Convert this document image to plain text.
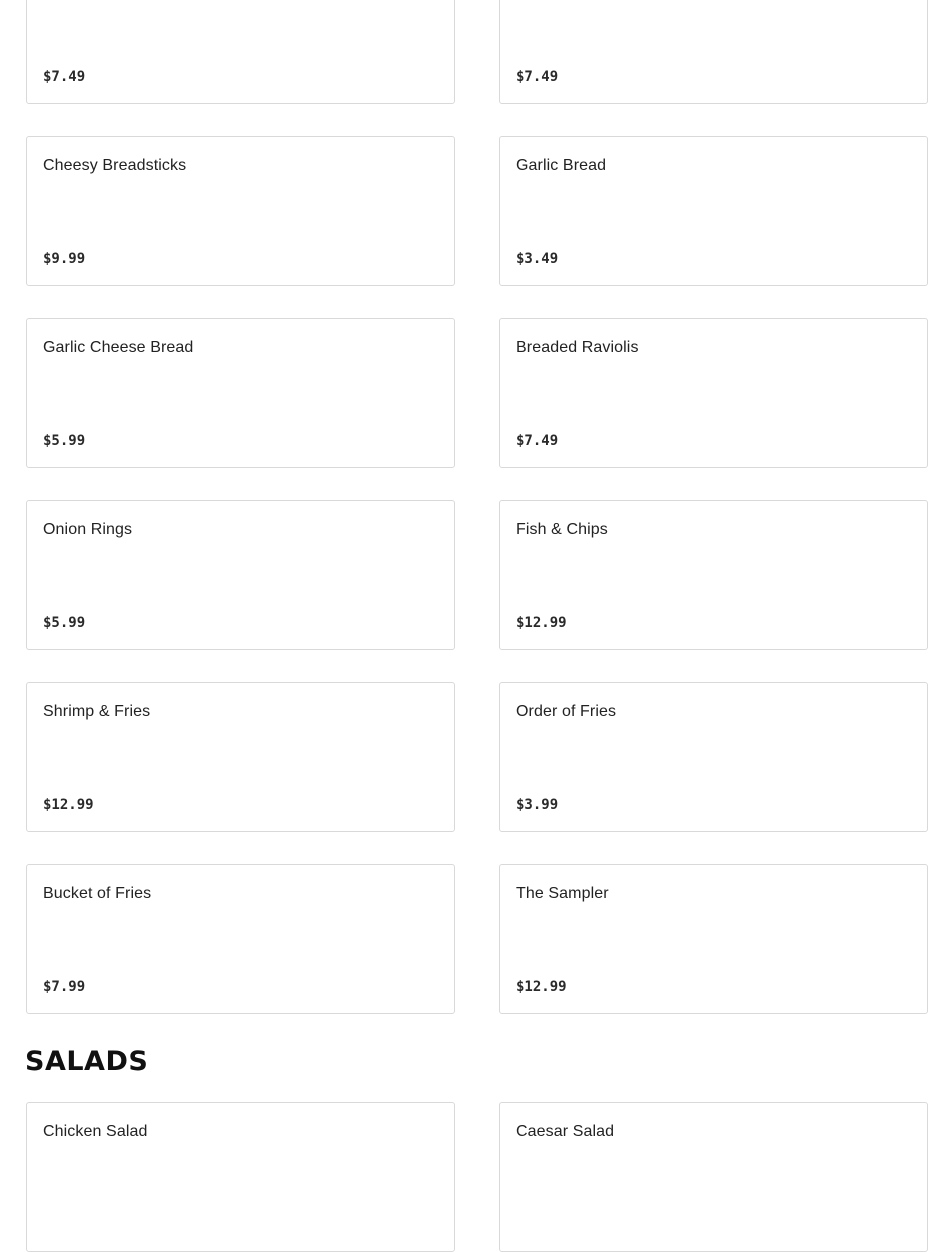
$7.49	$7.49
Cheesy Breadsticks
$9.99
Garlic Bread
$3.49
Garlic Cheese Bread
$5.99
Breaded Raviolis
$7.49
Onion Rings
$5.99
Fish & Chips
$12.99
Shrimp & Fries
$12.99
Order of Fries
$3.99
Bucket of Fries
$7.99
The Sampler
$12.99
SALADS
Chicken Salad	Caesar Salad
